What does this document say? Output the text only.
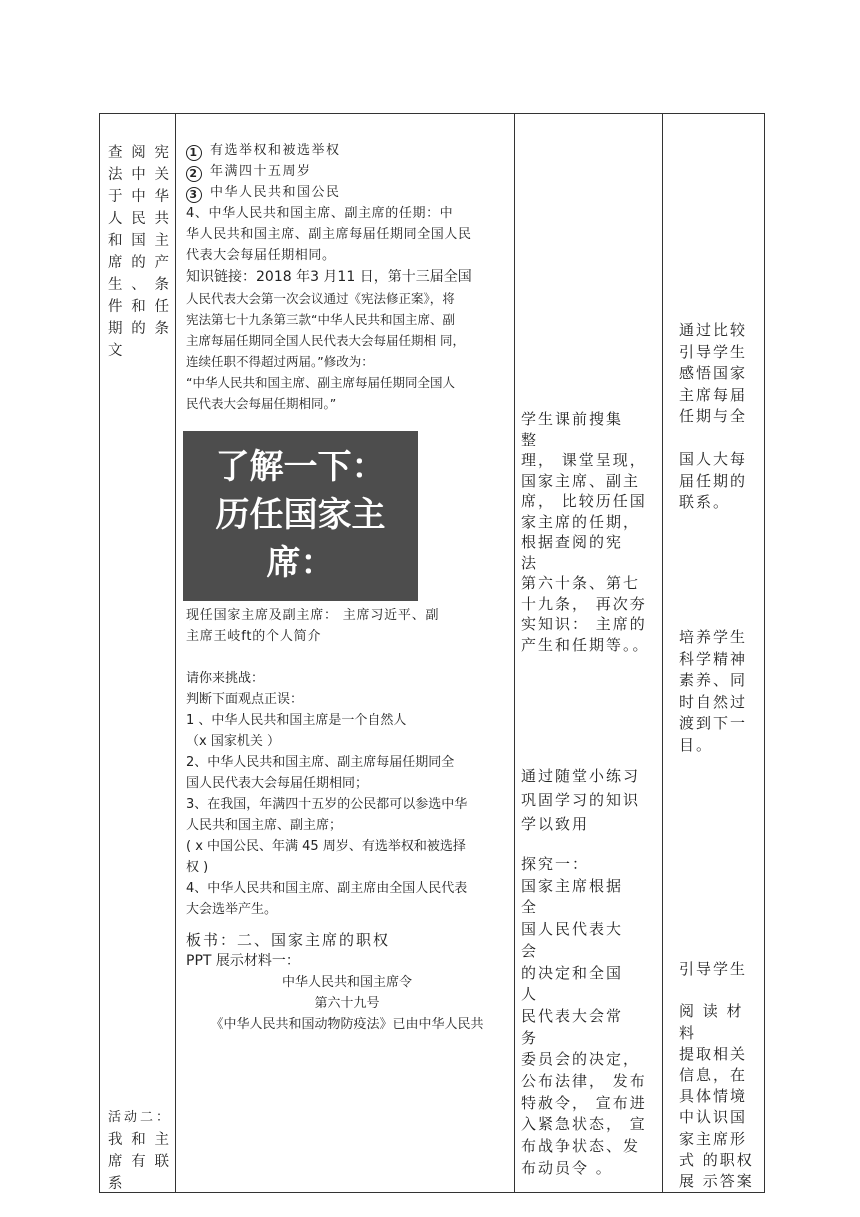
查阅宪
法中关
于中华
人民共
和国主
席的产
生、条
件和任
期的条
文
活动二：
我和主
席有联
系

1 有选举权和被选举权

2 年满四十五周岁

3 中华人民共和国公民

4、中华人民共和国主席、副主席的任期：中

华人民共和国主席、副主席每届任期同全国人民

代表大会每届任期相同。

知识链接：2018 年3 月11 日，第十三届全国

人民代表大会第一次会议通过《宪法修正案》，将

宪法第七十九条第三款“中华人民共和国主席、副

主席每届任期同全国人民代表大会每届任期相 同，

连续任职不得超过两届。”修改为：

“中华人民共和国主席、副主席每届任期同全国人

民代表大会每届任期相同。”

学生课前搜集

整

理， 课堂呈现，

国家主席、副主

席， 比较历任国

家主席的任期，

根据查阅的宪

法

第六十条、第七

十九条， 再次夯

实知识： 主席的

产生和任期等。。

通过随堂小练习

巩固学习的知识

学以致用

探究一：

国家主席根据

全

国人民代表大

会

的决定和全国

人

民代表大会常

务

委员会的决定，

公布法律， 发布

特赦令， 宣布进

入紧急状态， 宣

布战争状态、发

布动员令 。

通过比较

引导学生

感悟国家

主席每届

任期与全

国人大每

届任期的

联系。

培养学生

科学精神

素养、同

时自然过

渡到下一

目。

引导学生

阅 读 材

料

提取相关

信息，在

具体情境

中认识国

家主席形

式 的职权

展 示答案

了解一下：
历任国家主
席：

现任国家主席及副主席： 主席习近平、副

主席王岐ft的个人简介

请你来挑战：

判断下面观点正误：

1 、中华人民共和国主席是一个自然人

（x 国家机关 ）

2、中华人民共和国主席、副主席每届任期同全

国人民代表大会每届任期相同；

3、在我国，年满四十五岁的公民都可以参选中华

人民共和国主席、副主席；

( x 中国公民、年满 45 周岁、有选举权和被选择

权 )

4、中华人民共和国主席、副主席由全国人民代表

大会选举产生。

板书：二、国家主席的职权

PPT 展示材料一：

中华人民共和国主席令

第六十九号

《中华人民共和国动物防疫法》已由中华人民共
